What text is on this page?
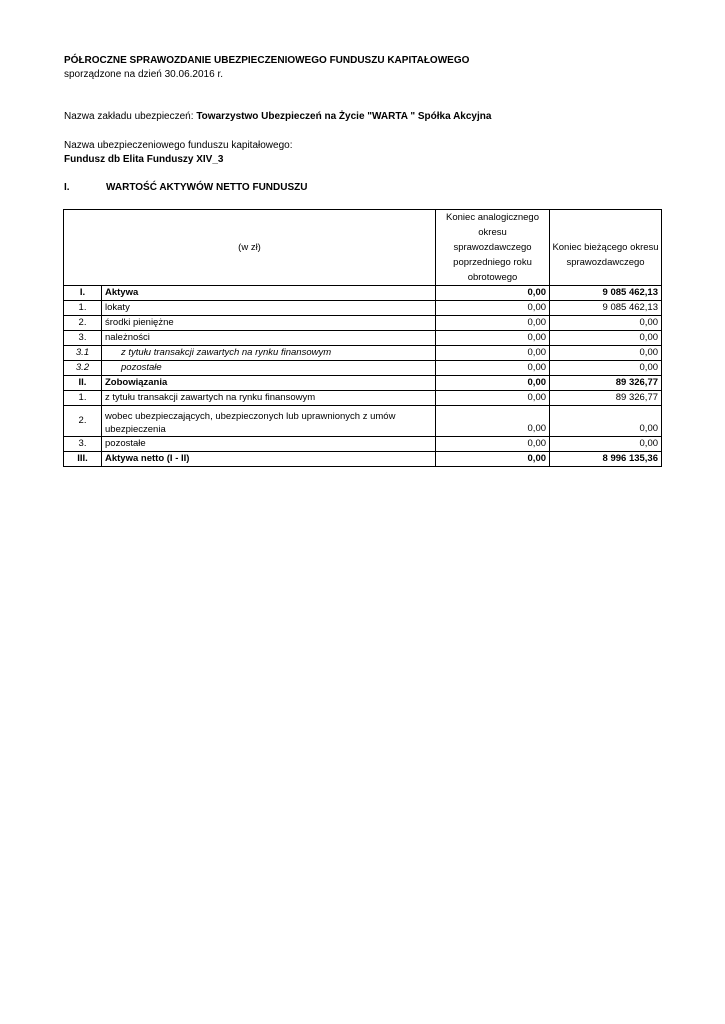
PÓŁROCZNE SPRAWOZDANIE UBEZPIECZENIOWEGO FUNDUSZU KAPITAŁOWEGO
sporządzone na dzień 30.06.2016 r.
Nazwa zakładu ubezpieczeń: Towarzystwo Ubezpieczeń na Życie "WARTA " Spółka Akcyjna
Nazwa ubezpieczeniowego funduszu kapitałowego:
Fundusz db Elita Funduszy XIV_3
I.	WARTOŚĆ AKTYWÓW NETTO FUNDUSZU
(w zł)		Koniec analogicznego okresu sprawozdawczego poprzedniego roku obrotowego	Koniec bieżącego okresu sprawozdawczego
I.	Aktywa	0,00	9 085 462,13
1.	lokaty	0,00	9 085 462,13
2.	środki pieniężne	0,00	0,00
3.	należności	0,00	0,00
3.1	z tytułu transakcji zawartych na rynku finansowym	0,00	0,00
3.2	pozostałe	0,00	0,00
II.	Zobowiązania	0,00	89 326,77
1.	z tytułu transakcji zawartych na rynku finansowym	0,00	89 326,77
2.	wobec ubezpieczających, ubezpieczonych lub uprawnionych z umów ubezpieczenia	0,00	0,00
3.	pozostałe	0,00	0,00
III.	Aktywa netto (I - II)	0,00	8 996 135,36
